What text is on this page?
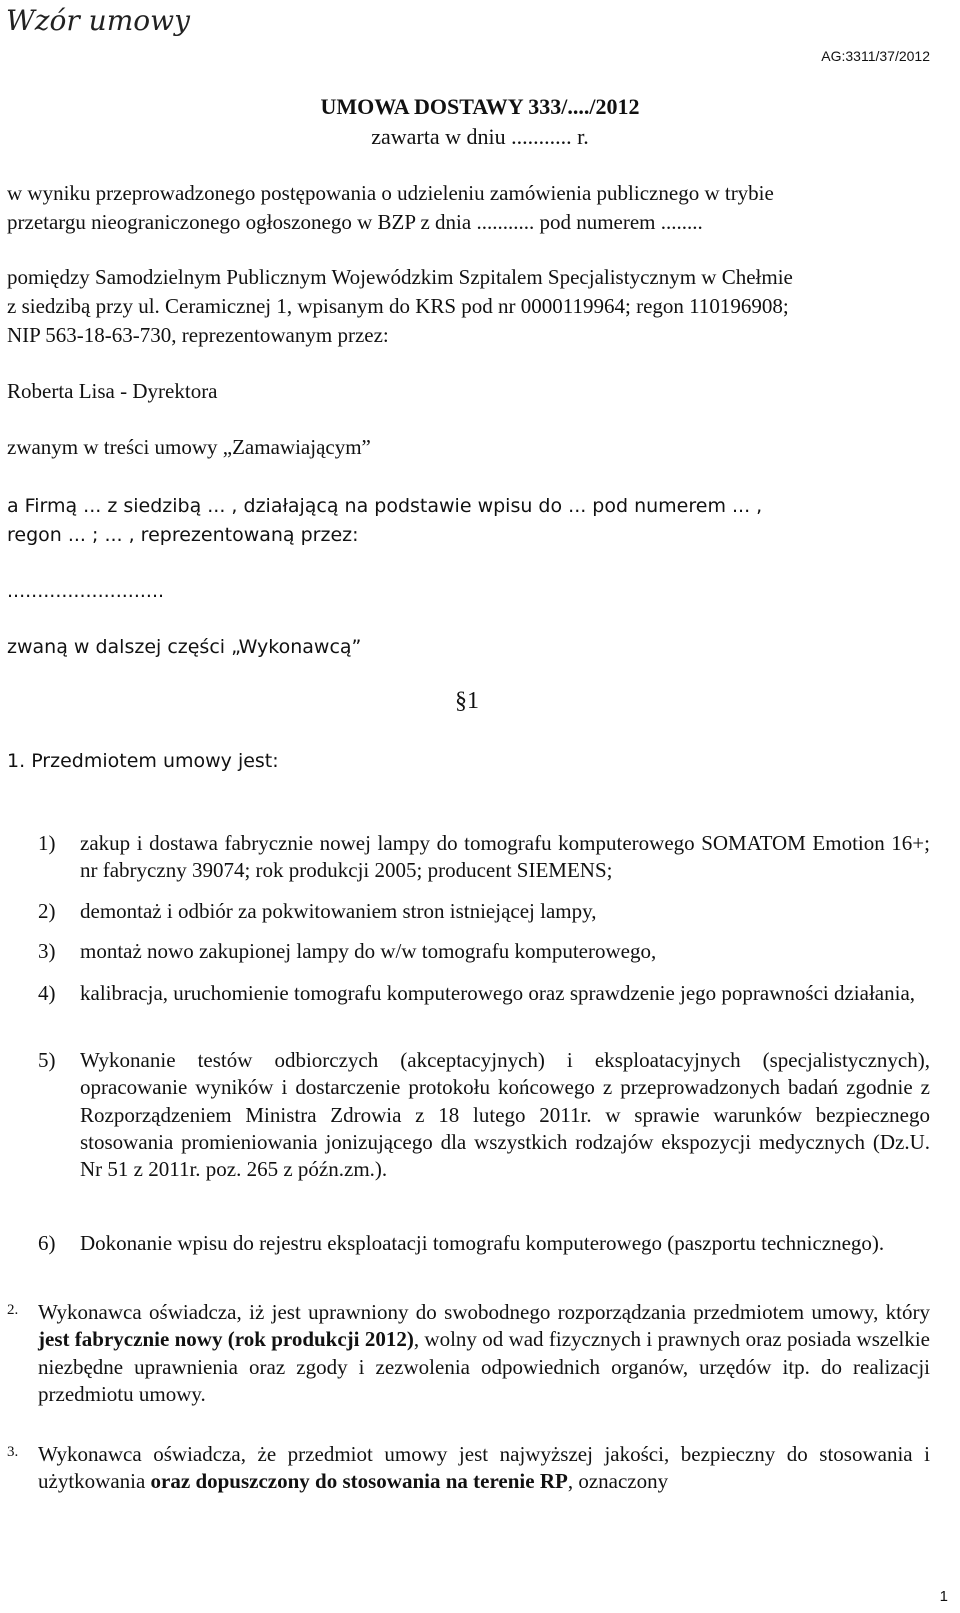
Wzór umowy
AG:3311/37/2012
UMOWA DOSTAWY 333/..../2012
zawarta w dniu ........... r.
w wyniku przeprowadzonego postępowania o udzieleniu zamówienia publicznego w trybie
przetargu nieograniczonego ogłoszonego w BZP z dnia ........... pod numerem ........
pomiędzy Samodzielnym Publicznym Wojewódzkim Szpitalem Specjalistycznym w Chełmie
z siedzibą przy ul. Ceramicznej 1, wpisanym do KRS pod nr 0000119964; regon 110196908;
NIP 563-18-63-730, reprezentowanym przez:
Roberta Lisa - Dyrektora
zwanym w treści umowy „Zamawiającym”
a Firmą ... z siedzibą ... , działającą na podstawie wpisu do ... pod numerem ... ,
regon ... ; ... , reprezentowaną przez:
..........................
zwaną w dalszej części „Wykonawcą”
§1
1. Przedmiotem umowy jest:
1) zakup i dostawa fabrycznie nowej lampy do tomografu komputerowego SOMATOM Emotion 16+; nr fabryczny 39074; rok produkcji 2005; producent SIEMENS;
2) demontaż i odbiór za pokwitowaniem stron istniejącej lampy,
3) montaż nowo zakupionej lampy do w/w tomografu komputerowego,
4) kalibracja, uruchomienie tomografu komputerowego oraz sprawdzenie jego poprawności działania,
5) Wykonanie testów odbiorczych (akceptacyjnych) i eksploatacyjnych (specjalistycznych), opracowanie wyników i dostarczenie protokołu końcowego z przeprowadzonych badań zgodnie z Rozporządzeniem Ministra Zdrowia z 18 lutego 2011r. w sprawie warunków bezpiecznego stosowania promieniowania jonizującego dla wszystkich rodzajów ekspozycji medycznych (Dz.U. Nr 51 z 2011r. poz. 265 z późn.zm.).
6) Dokonanie wpisu do rejestru eksploatacji tomografu komputerowego (paszportu technicznego).
2. Wykonawca oświadcza, iż jest uprawniony do swobodnego rozporządzania przedmiotem umowy, który jest fabrycznie nowy (rok produkcji 2012), wolny od wad fizycznych i prawnych oraz posiada wszelkie niezbędne uprawnienia oraz zgody i zezwolenia odpowiednich organów, urzędów itp. do realizacji przedmiotu umowy.
3. Wykonawca oświadcza, że przedmiot umowy jest najwyższej jakości, bezpieczny do stosowania i użytkowania oraz dopuszczony do stosowania na terenie RP, oznaczony
1
